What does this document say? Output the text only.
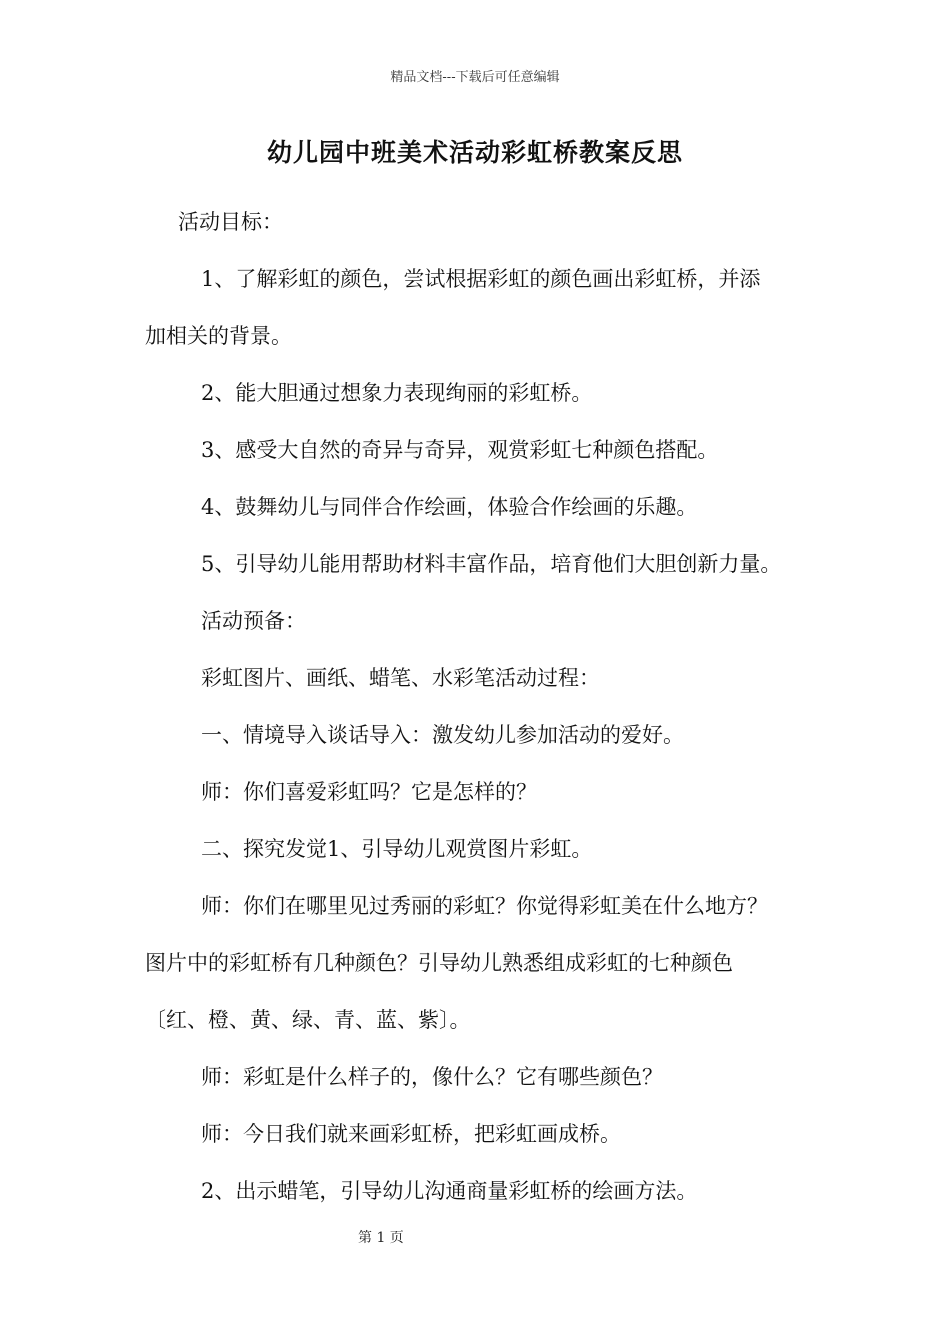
精品文档---下载后可任意编辑
幼儿园中班美术活动彩虹桥教案反思
活动目标：
1、了解彩虹的颜色，尝试根据彩虹的颜色画出彩虹桥，并添
加相关的背景。
2、能大胆通过想象力表现绚丽的彩虹桥。
3、感受大自然的奇异与奇异，观赏彩虹七种颜色搭配。
4、鼓舞幼儿与同伴合作绘画，体验合作绘画的乐趣。
5、引导幼儿能用帮助材料丰富作品，培育他们大胆创新力量。
活动预备：
彩虹图片、画纸、蜡笔、水彩笔活动过程：
一、情境导入谈话导入：激发幼儿参加活动的爱好。
师：你们喜爱彩虹吗？它是怎样的？
二、探究发觉1、引导幼儿观赏图片彩虹。
师：你们在哪里见过秀丽的彩虹？你觉得彩虹美在什么地方？
图片中的彩虹桥有几种颜色？引导幼儿熟悉组成彩虹的七种颜色
〔红、橙、黄、绿、青、蓝、紫〕。
师：彩虹是什么样子的，像什么？它有哪些颜色？
师：今日我们就来画彩虹桥，把彩虹画成桥。
2、出示蜡笔，引导幼儿沟通商量彩虹桥的绘画方法。
第 1 页
